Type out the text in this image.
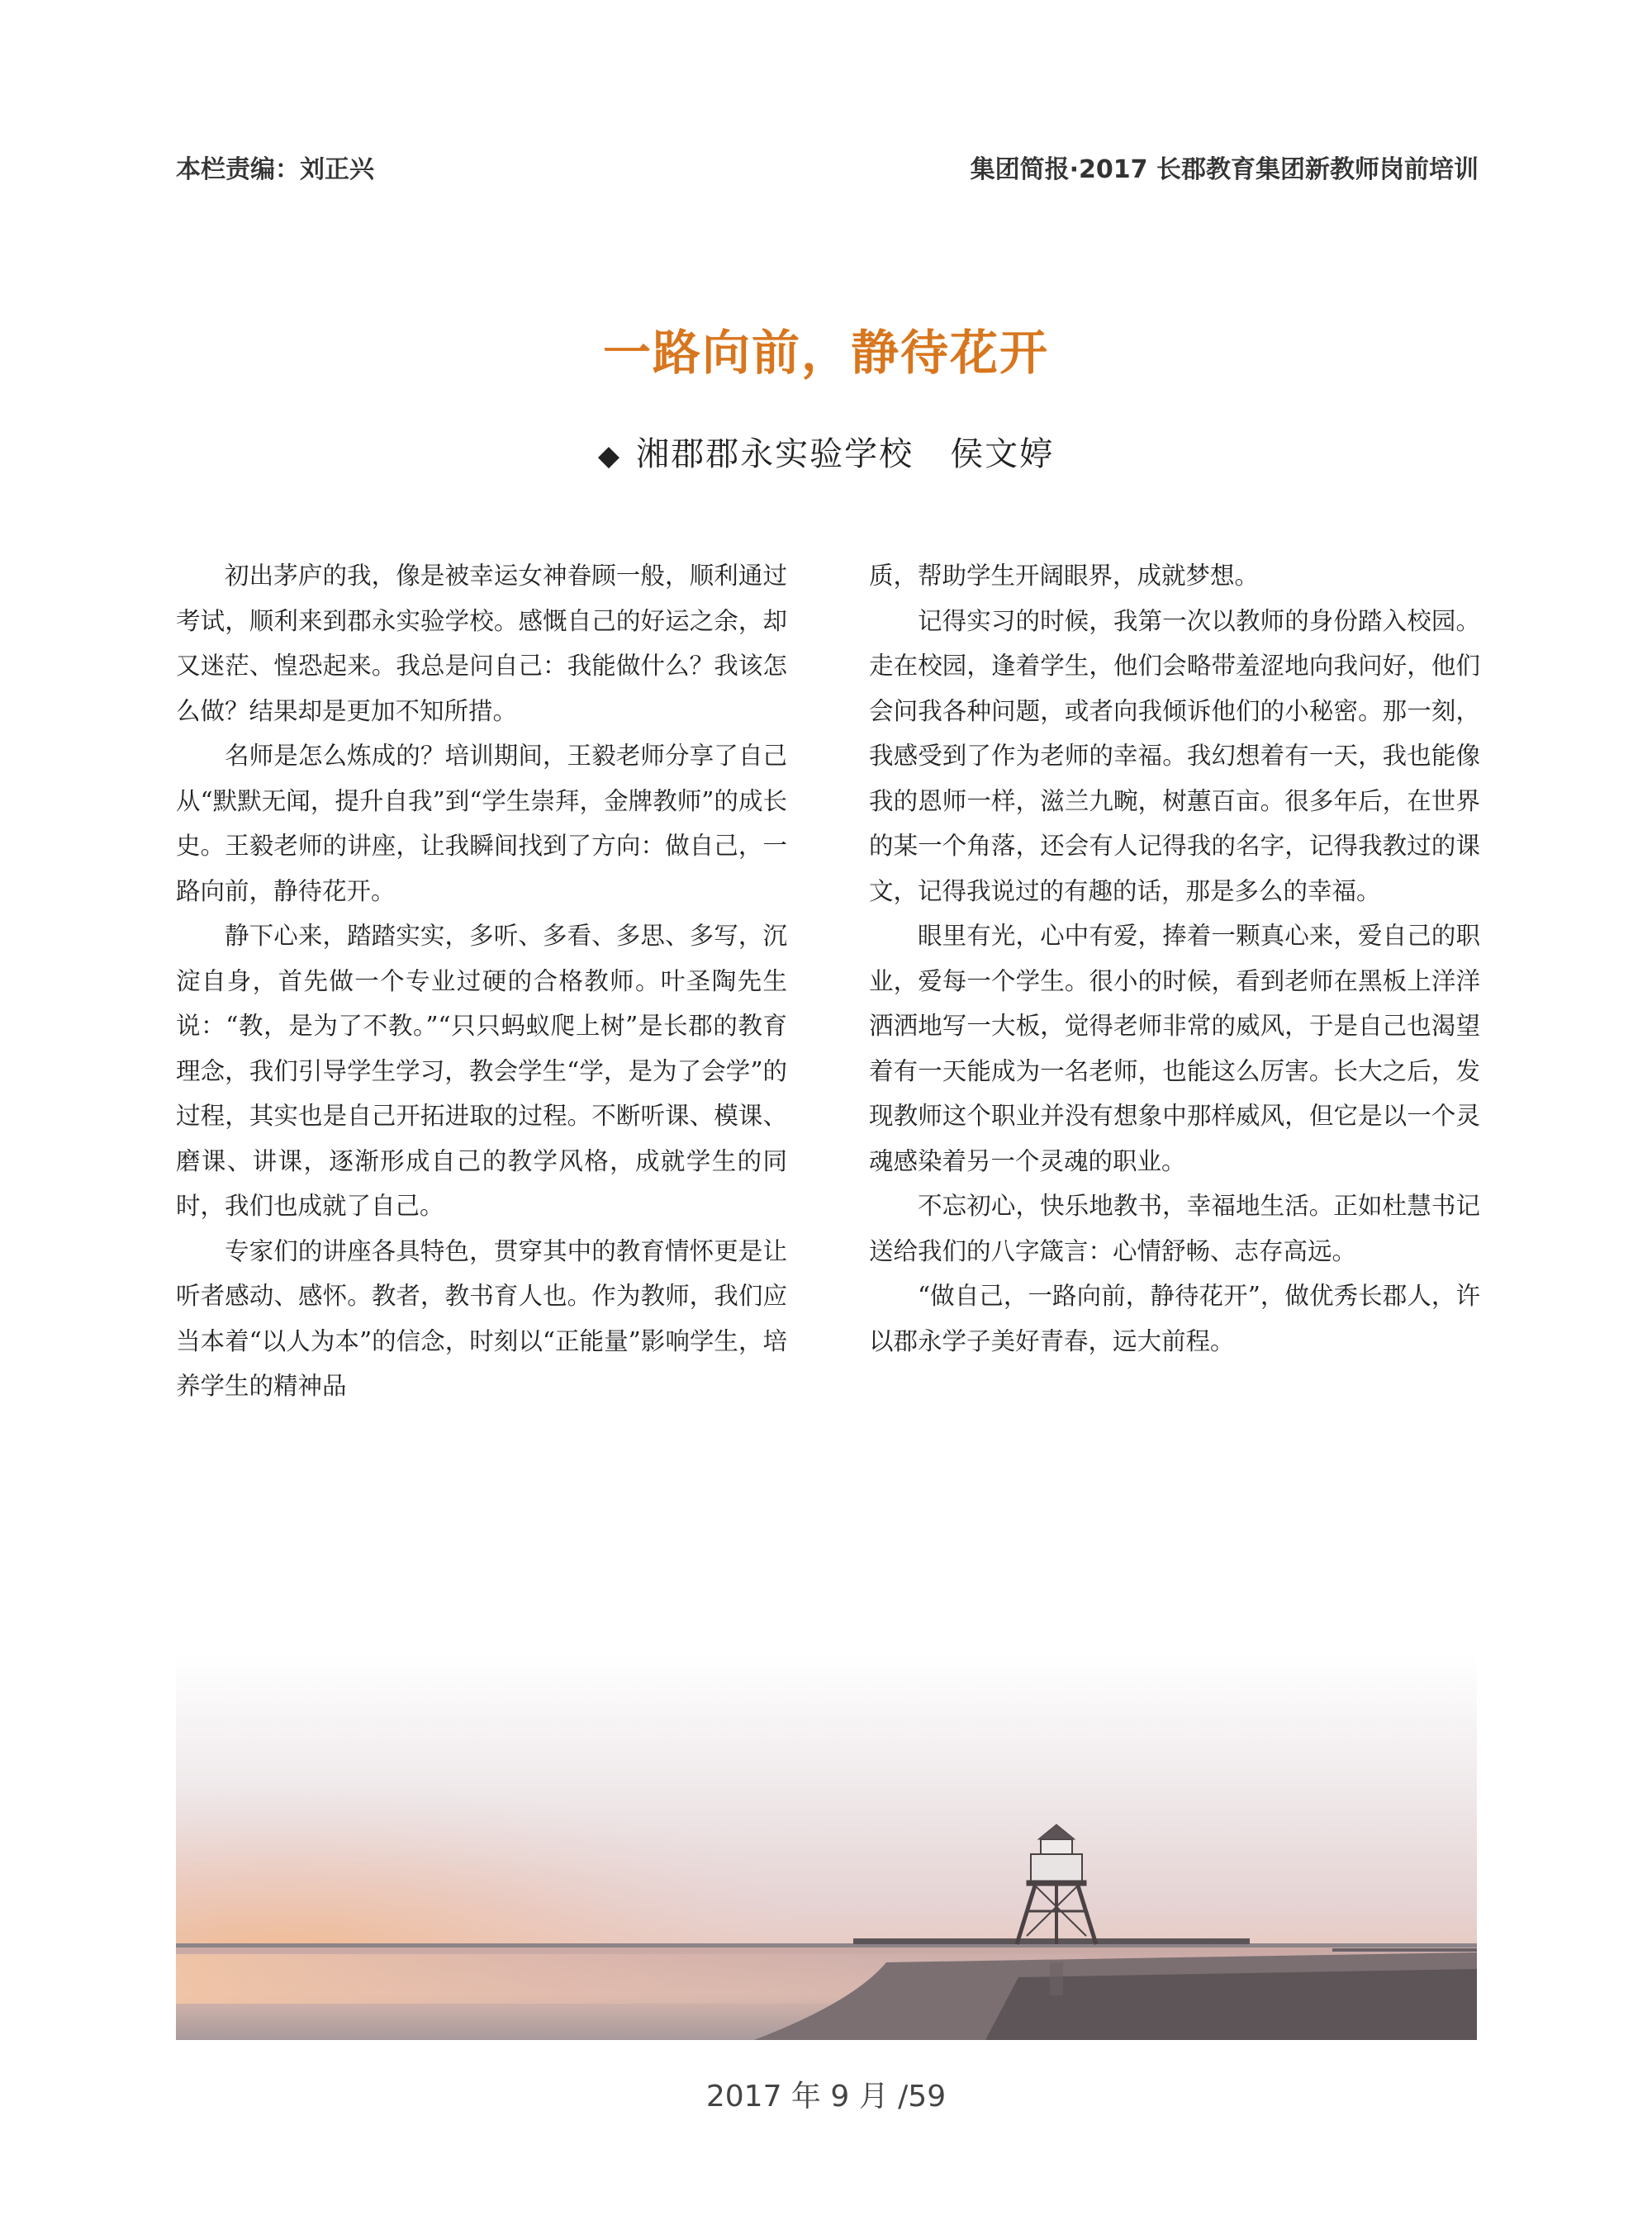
本栏责编：刘正兴	集团简报·2017 长郡教育集团新教师岗前培训
一路向前，静待花开
◆ 湘郡郡永实验学校 侯文婷

初出茅庐的我，像是被幸运女神眷顾一般，顺利通过考试，顺利来到郡永实验学校。感慨自己的好运之余，却又迷茫、惶恐起来。我总是问自己：我能做什么？我该怎么做？结果却是更加不知所措。

名师是怎么炼成的？培训期间，王毅老师分享了自己从“默默无闻，提升自我”到“学生崇拜，金牌教师”的成长史。王毅老师的讲座，让我瞬间找到了方向：做自己，一路向前，静待花开。

静下心来，踏踏实实，多听、多看、多思、多写，沉淀自身，首先做一个专业过硬的合格教师。叶圣陶先生说：“教，是为了不教。”“只只蚂蚁爬上树”是长郡的教育理念，我们引导学生学习，教会学生“学，是为了会学”的过程，其实也是自己开拓进取的过程。不断听课、模课、磨课、讲课，逐渐形成自己的教学风格，成就学生的同时，我们也成就了自己。

专家们的讲座各具特色，贯穿其中的教育情怀更是让听者感动、感怀。教者，教书育人也。作为教师，我们应当本着“以人为本”的信念，时刻以“正能量”影响学生，培养学生的精神品

质，帮助学生开阔眼界，成就梦想。

记得实习的时候，我第一次以教师的身份踏入校园。走在校园，逢着学生，他们会略带羞涩地向我问好，他们会问我各种问题，或者向我倾诉他们的小秘密。那一刻，我感受到了作为老师的幸福。我幻想着有一天，我也能像我的恩师一样，滋兰九畹，树蕙百亩。很多年后，在世界的某一个角落，还会有人记得我的名字，记得我教过的课文，记得我说过的有趣的话，那是多么的幸福。

眼里有光，心中有爱，捧着一颗真心来，爱自己的职业，爱每一个学生。很小的时候，看到老师在黑板上洋洋洒洒地写一大板，觉得老师非常的威风，于是自己也渴望着有一天能成为一名老师，也能这么厉害。长大之后，发现教师这个职业并没有想象中那样威风，但它是以一个灵魂感染着另一个灵魂的职业。

不忘初心，快乐地教书，幸福地生活。正如杜慧书记送给我们的八字箴言：心情舒畅、志存高远。

“做自己，一路向前，静待花开”，做优秀长郡人，许以郡永学子美好青春，远大前程。

2017 年 9 月 /59
